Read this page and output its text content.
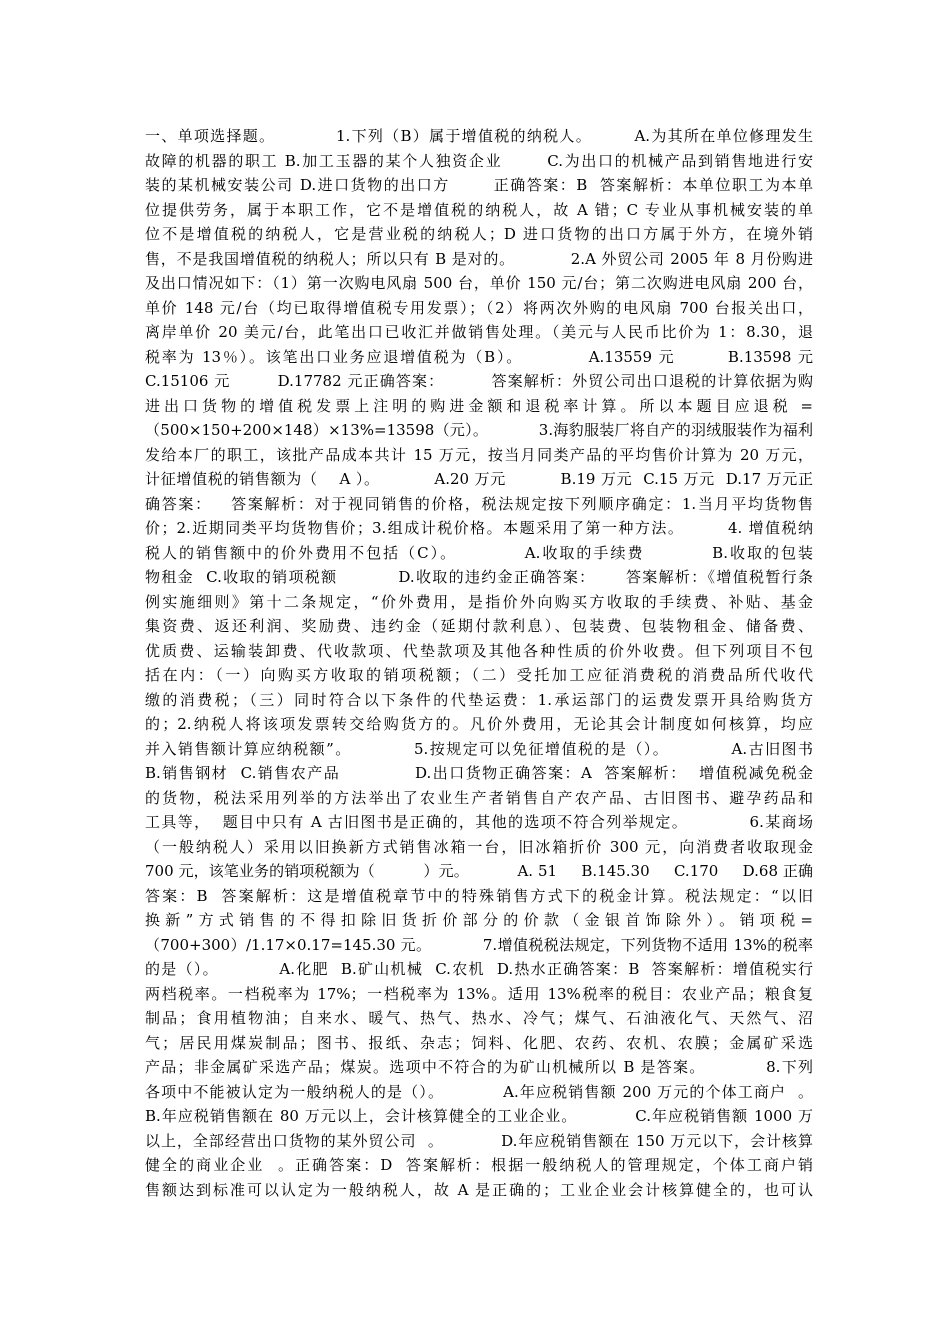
一、单项选择题。          1.下列（B）属于增值税的纳税人。       A.为其所在单位修理发生
故障的机器的职工 B.加工玉器的某个人独资企业       C.为出口的机械产品到销售地进行安
装的某机械安装公司 D.进口货物的出口方       正确答案：B  答案解析：本单位职工为本单
位提供劳务，属于本职工作，它不是增值税的纳税人，故 A 错；C 专业从事机械安装的单
位不是增值税的纳税人，它是营业税的纳税人；D 进口货物的出口方属于外方，在境外销
售，不是我国增值税的纳税人；所以只有 B 是对的。          2.A 外贸公司 2005 年 8 月份购进
及出口情况如下：（1）第一次购电风扇 500 台，单价 150 元/台；第二次购进电风扇 200 台，
单价 148 元/台（均已取得增值税专用发票）；（2）将两次外购的电风扇 700 台报关出口，
离岸单价 20 美元/台，此笔出口已收汇并做销售处理。（美元与人民币比价为 1：8.30，退
税率为 13％）。该笔出口业务应退增值税为（B）。          A.13559 元        B.13598 元
C.15106 元        D.17782 元正确答案：        答案解析：外贸公司出口退税的计算依据为购
进出口货物的增值税发票上注明的购进金额和退税率计算。所以本题目应退税 =
（500×150+200×148）×13%=13598（元）。          3.海豹服装厂将自产的羽绒服装作为福利
发给本厂的职工，该批产品成本共计 15 万元，按当月同类产品的平均售价计算为 20 万元，
计征增值税的销售额为（    A ）。          A.20 万元          B.19 万元  C.15 万元  D.17 万元正
确答案：   答案解析：对于视同销售的价格，税法规定按下列顺序确定：1.当月平均货物售
价；2.近期同类平均货物售价；3.组成计税价格。本题采用了第一种方法。       4. 增值税纳
税人的销售额中的价外费用不包括（C）。          A.收取的手续费          B.收取的包装
物租金  C.收取的销项税额          D.收取的违约金正确答案：     答案解析：《增值税暂行条
例实施细则》第十二条规定，“价外费用，是指价外向购买方收取的手续费、补贴、基金
集资费、返还利润、奖励费、违约金（延期付款利息）、包装费、包装物租金、储备费、
优质费、运输装卸费、代收款项、代垫款项及其他各种性质的价外收费。但下列项目不包
括在内：（一）向购买方收取的销项税额；（二）受托加工应征消费税的消费品所代收代
缴的消费税；（三）同时符合以下条件的代垫运费：1.承运部门的运费发票开具给购货方
的；2.纳税人将该项发票转交给购货方的。凡价外费用，无论其会计制度如何核算，均应
并入销售额计算应纳税额”。          5.按规定可以免征增值税的是（）。          A.古旧图书
B.销售钢材  C.销售农产品            D.出口货物正确答案：A  答案解析：  增值税减免税金
的货物，税法采用列举的方法举出了农业生产者销售自产农产品、古旧图书、避孕药品和
工具等，  题目中只有 A 古旧图书是正确的，其他的选项不符合列举规定。          6.某商场
（一般纳税人）采用以旧换新方式销售冰箱一台，旧冰箱折价 300 元，向消费者收取现金
700 元，该笔业务的销项税额为（          ）元。          A. 51     B.145.30     C.170     D.68 正确
答案：B  答案解析：这是增值税章节中的特殊销售方式下的税金计算。税法规定：“以旧
换新”方式销售的不得扣除旧货折价部分的价款（金银首饰除外）。销项税=
（700+300）/1.17×0.17=145.30 元。          7.增值税税法规定，下列货物不适用 13%的税率
的是（）。          A.化肥  B.矿山机械  C.农机  D.热水正确答案：B  答案解析：增值税实行
两档税率。一档税率为 17%；一档税率为 13%。适用 13%税率的税目：农业产品；粮食复
制品；食用植物油；自来水、暖气、热气、热水、冷气；煤气、石油液化气、天然气、沼
气；居民用煤炭制品；图书、报纸、杂志；饲料、化肥、农药、农机、农膜；金属矿采选
产品；非金属矿采选产品；煤炭。选项中不符合的为矿山机械所以 B 是答案。          8.下列
各项中不能被认定为一般纳税人的是（）。          A.年应税销售额 200 万元的个体工商户  。
B.年应税销售额在 80 万元以上，会计核算健全的工业企业。          C.年应税销售额 1000 万
以上，全部经营出口货物的某外贸公司  。          D.年应税销售额在 150 万元以下，会计核算
健全的商业企业  。正确答案：D  答案解析：根据一般纳税人的管理规定，个体工商户销
售额达到标准可以认定为一般纳税人，故 A 是正确的；工业企业会计核算健全的，也可认
